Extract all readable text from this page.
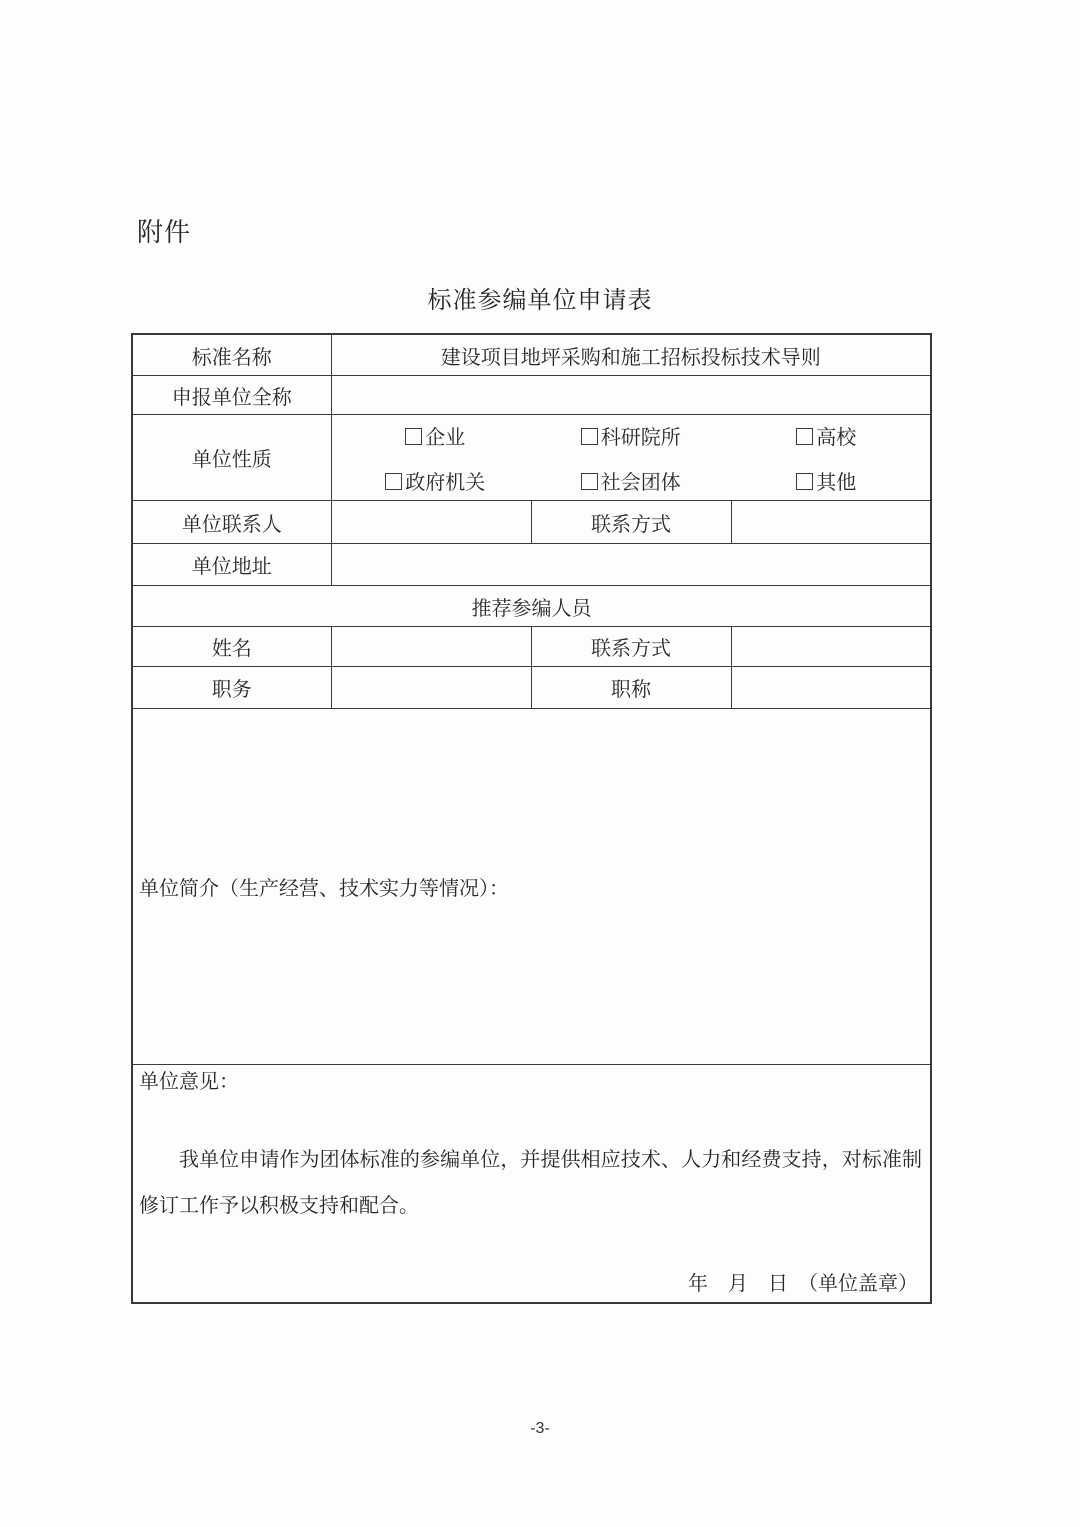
附件
标准参编单位申请表
标准名称	建设项目地坪采购和施工招标投标技术导则		
申报单位全称			
单位性质	
企业	科研院所	高校
政府机关	社会团体	其他

单位联系人		联系方式	
单位地址			
推荐参编人员			
姓名		联系方式	
职务		职称	
单位简介（生产经营、技术实力等情况）：			

单位意见：

我单位申请作为团体标准的参编单位，并提供相应技术、人力和经费支持，对标准制修订工作予以积极支持和配合。

年　月　日　（单位盖章）			
-3-
